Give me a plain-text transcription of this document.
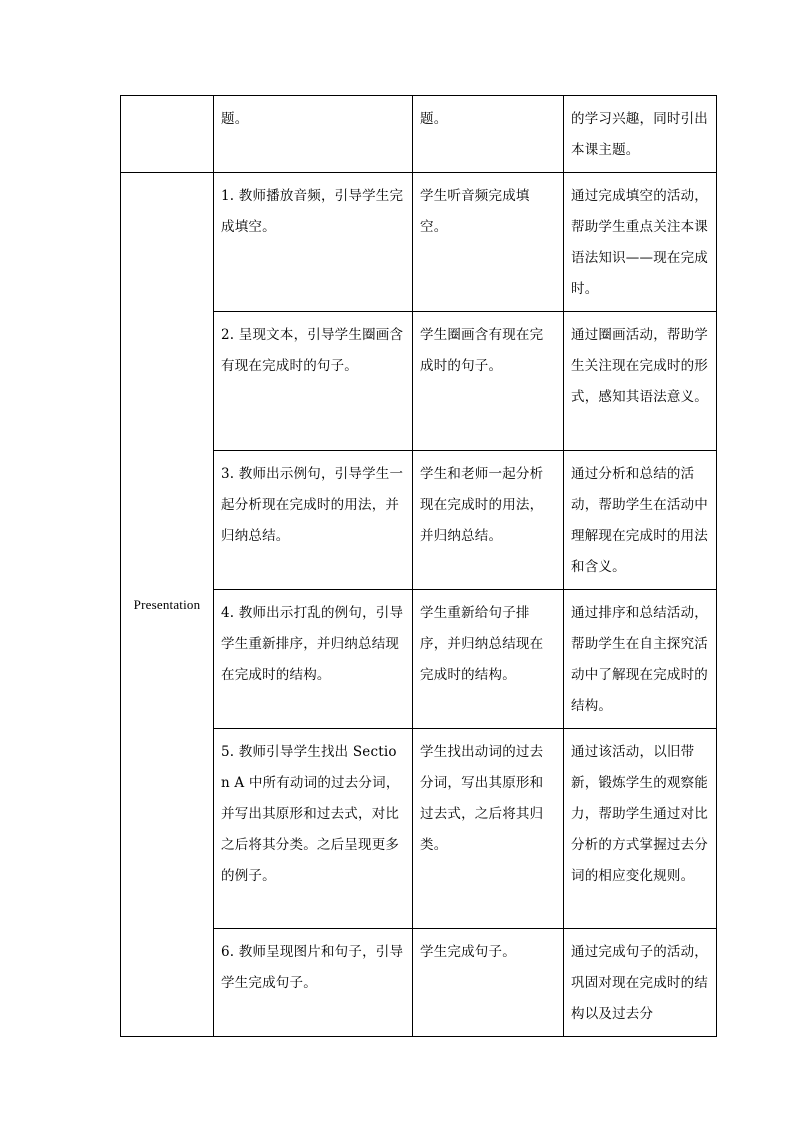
	题。	题。	的学习兴趣，同时引出本课主题。
Presentation	1. 教师播放音频，引导学生完成填空。	学生听音频完成填空。	通过完成填空的活动，帮助学生重点关注本课语法知识——现在完成时。
	2. 呈现文本，引导学生圈画含有现在完成时的句子。	学生圈画含有现在完成时的句子。	通过圈画活动，帮助学生关注现在完成时的形式，感知其语法意义。
	3. 教师出示例句，引导学生一起分析现在完成时的用法，并归纳总结。	学生和老师一起分析现在完成时的用法，并归纳总结。	通过分析和总结的活动，帮助学生在活动中理解现在完成时的用法和含义。
	4. 教师出示打乱的例句，引导学生重新排序，并归纳总结现在完成时的结构。	学生重新给句子排序，并归纳总结现在完成时的结构。	通过排序和总结活动，帮助学生在自主探究活动中了解现在完成时的结构。
	5. 教师引导学生找出 Section A 中所有动词的过去分词，并写出其原形和过去式，对比之后将其分类。之后呈现更多的例子。	学生找出动词的过去分词，写出其原形和过去式，之后将其归类。	通过该活动，以旧带新，锻炼学生的观察能力，帮助学生通过对比分析的方式掌握过去分词的相应变化规则。
	6. 教师呈现图片和句子，引导学生完成句子。	学生完成句子。	通过完成句子的活动，巩固对现在完成时的结构以及过去分
